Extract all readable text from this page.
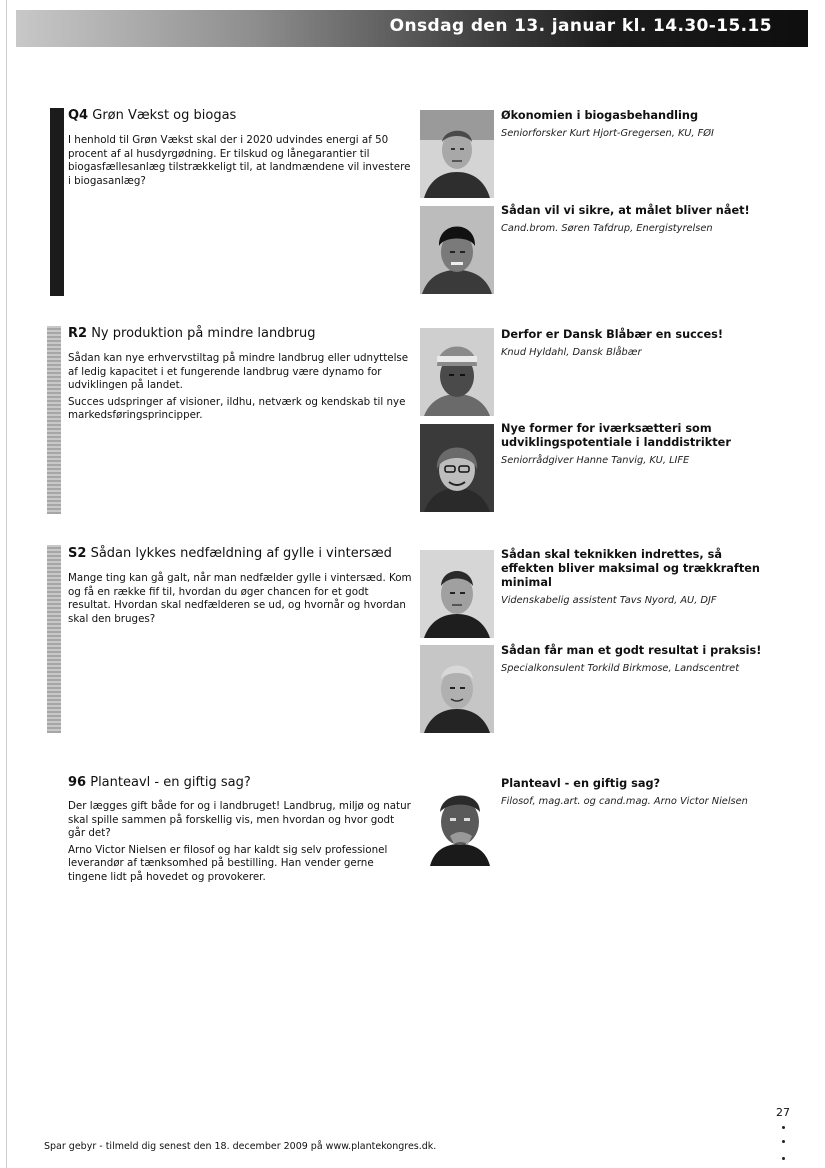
Onsdag den 13. januar kl. 14.30-15.15
Q4 Grøn Vækst og biogas

I henhold til Grøn Vækst skal der i 2020 udvindes energi af 50 procent af al husdyrgødning. Er tilskud og lånegarantier til biogasfællesanlæg tilstrækkeligt til, at landmændene vil investere i biogasanlæg?

Økonomien i biogasbehandling

Seniorforsker Kurt Hjort-Gregersen, KU, FØI

Sådan vil vi sikre, at målet bliver nået!

Cand.brom. Søren Tafdrup, Energistyrelsen

R2 Ny produktion på mindre landbrug

Sådan kan nye erhvervstiltag på mindre landbrug eller udnyttelse af ledig kapacitet i et fungerende landbrug være dynamo for udviklingen på landet.

Succes udspringer af visioner, ildhu, netværk og kendskab til nye markedsføringsprincipper.

Derfor er Dansk Blåbær en succes!

Knud Hyldahl, Dansk Blåbær

Nye former for iværksætteri som udviklingspotentiale i landdistrikter

Seniorrådgiver Hanne Tanvig, KU, LIFE

S2 Sådan lykkes nedfældning af gylle i vintersæd

Mange ting kan gå galt, når man nedfælder gylle i vintersæd. Kom og få en række fif til, hvordan du øger chancen for et godt resultat. Hvordan skal nedfælderen se ud, og hvornår og hvordan skal den bruges?

Sådan skal teknikken indrettes, så effekten bliver maksimal og trækkraften minimal

Videnskabelig assistent Tavs Nyord, AU, DJF

Sådan får man et godt resultat i praksis!

Specialkonsulent Torkild Birkmose, Landscentret

96 Planteavl - en giftig sag?

Der lægges gift både for og i landbruget! Landbrug, miljø og natur skal spille sammen på forskellig vis, men hvordan og hvor godt går det?

Arno Victor Nielsen er filosof og har kaldt sig selv professionel leverandør af tænksomhed på bestilling. Han vender gerne tingene lidt på hovedet og provokerer.

Planteavl - en giftig sag?

Filosof, mag.art. og cand.mag. Arno Victor Nielsen

Spar gebyr - tilmeld dig senest den 18. december 2009 på www.plantekongres.dk.
27
